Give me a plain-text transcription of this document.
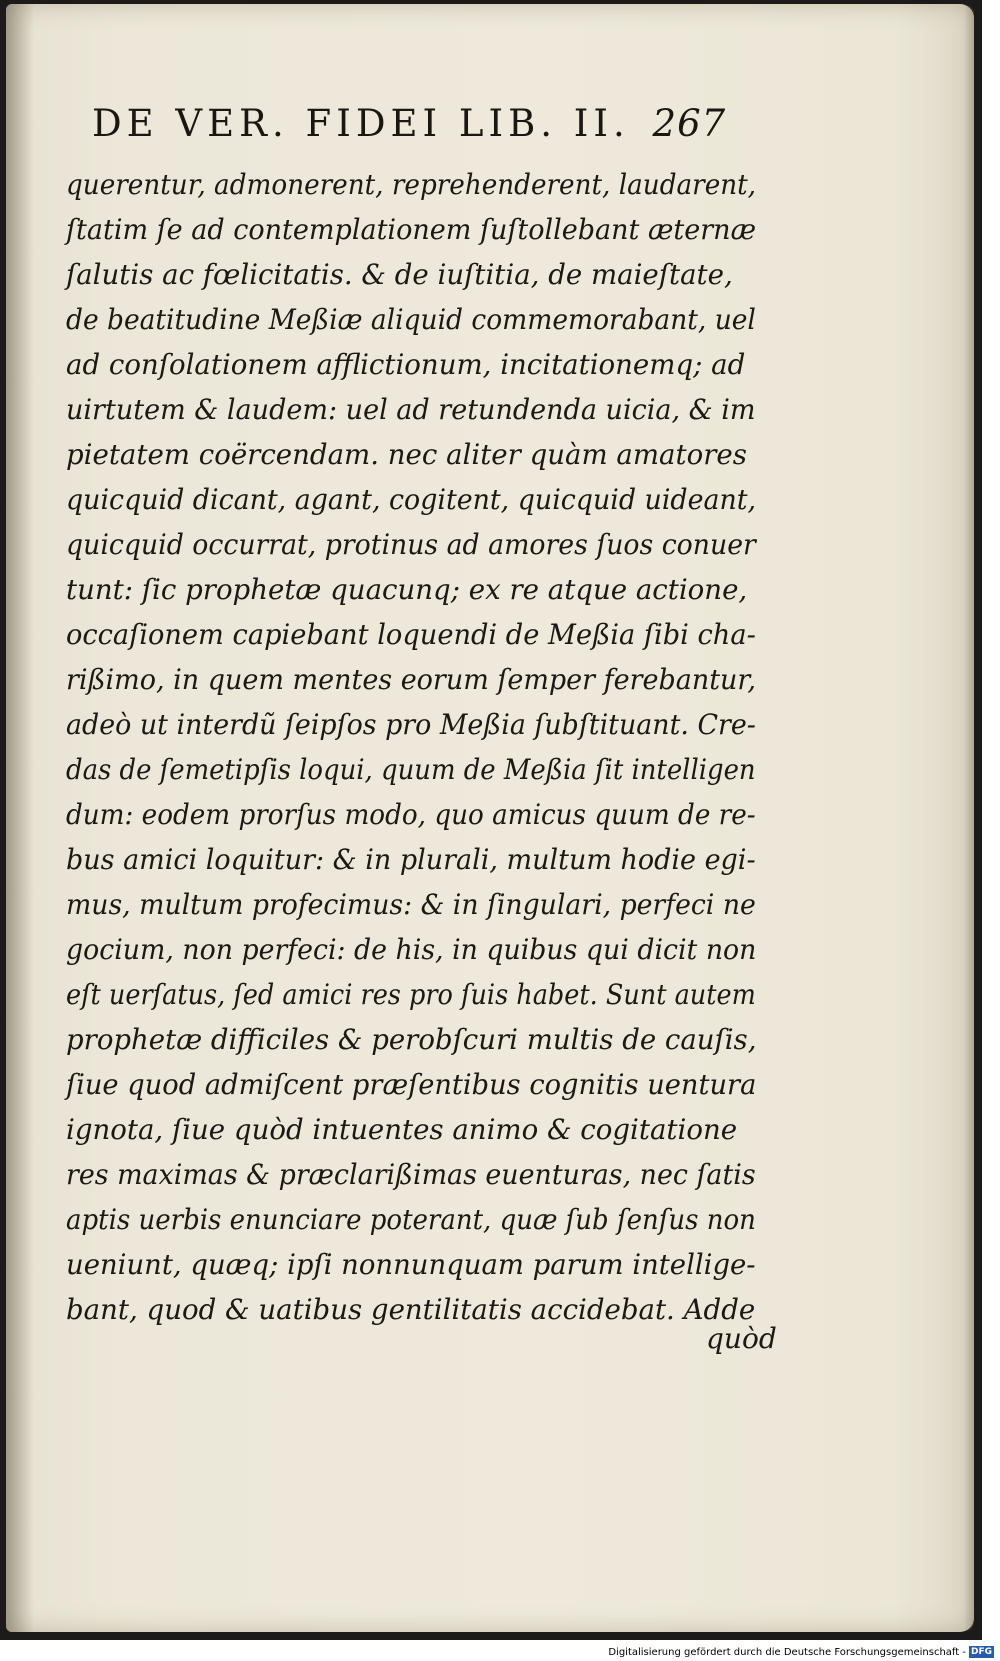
DE VER. FIDEI LIB. II. 267
querentur, admonerent, reprehenderent, laudarent,
ſtatim ſe ad contemplationem ſuſtollebant æternæ
ſalutis ac fœlicitatis. & de iuſtitia, de maieſtate,
de beatitudine Meßiæ aliquid commemorabant, uel
ad conſolationem afflictionum, incitationemq; ad
uirtutem & laudem: uel ad retundenda uicia, & im
pietatem coërcendam. nec aliter quàm amatores
quicquid dicant, agant, cogitent, quicquid uideant,
quicquid occurrat, protinus ad amores ſuos conuer
tunt: ſic prophetæ quacunq; ex re atque actione,
occaſionem capiebant loquendi de Meßia ſibi cha-
rißimo, in quem mentes eorum ſemper ferebantur,
adeò ut interdũ ſeipſos pro Meßia ſubſtituant. Cre-
das de ſemetipſis loqui, quum de Meßia ſit intelligen
dum: eodem prorſus modo, quo amicus quum de re-
bus amici loquitur: & in plurali, multum hodie egi-
mus, multum profecimus: & in ſingulari, perfeci ne
gocium, non perfeci: de his, in quibus qui dicit non
eſt uerſatus, ſed amici res pro ſuis habet. Sunt autem
prophetæ difficiles & perobſcuri multis de cauſis,
ſiue quod admiſcent præſentibus cognitis uentura
ignota, ſiue quòd intuentes animo & cogitatione
res maximas & præclarißimas euenturas, nec ſatis
aptis uerbis enunciare poterant, quæ ſub ſenſus non
ueniunt, quæq; ipſi nonnunquam parum intellige-
bant, quod & uatibus gentilitatis accidebat. Adde
quòd
Digitalisierung gefördert durch die Deutsche Forschungsgemeinschaft - DFG
